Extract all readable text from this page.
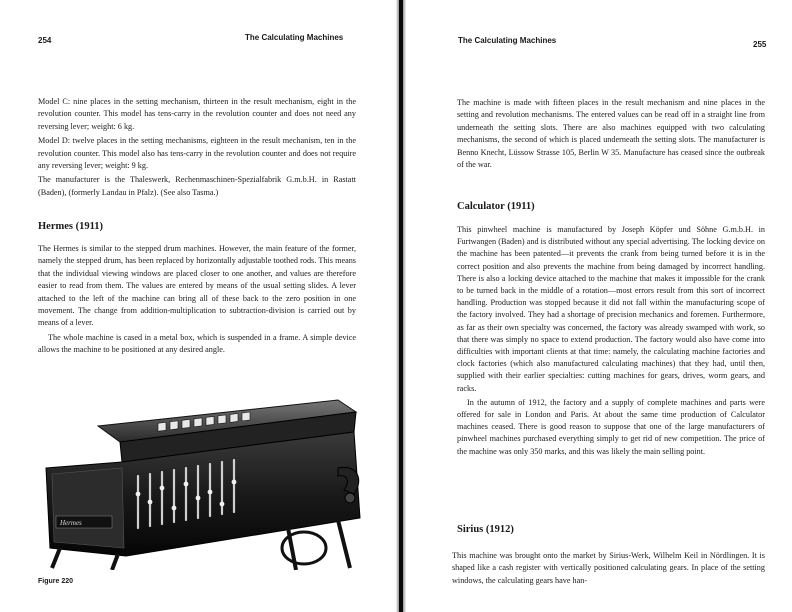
254	The Calculating Machines

Model C: nine places in the setting mechanism, thirteen in the result mechanism, eight in the revolution counter. This model has tens-carry in the revolution counter and does not need any reversing lever; weight: 6 kg.

Model D: twelve places in the setting mechanisms, eighteen in the result mechanism, ten in the revolution counter. This model also has tens-carry in the revolution counter and does not require any reversing lever; weight: 9 kg.

The manufacturer is the Thaleswerk, Rechenmaschinen-Spezialfabrik G.m.b.H. in Rastatt (Baden), (formerly Landau in Pfalz). (See also Tasma.)

Hermes (1911)

The Hermes is similar to the stepped drum machines. However, the main feature of the former, namely the stepped drum, has been replaced by horizontally adjustable toothed rods. This means that the individual viewing windows are placed closer to one another, and values are therefore easier to read from them. The values are entered by means of the usual setting slides. A lever attached to the left of the machine can bring all of these back to the zero position in one movement. The change from addition-multiplication to subtraction-division is carried out by means of a lever.

The whole machine is cased in a metal box, which is suspended in a frame. A simple device allows the machine to be positioned at any desired angle.

Hermes
Figure 220
The Calculating Machines	255

The machine is made with fifteen places in the result mechanism and nine places in the setting and revolution mechanisms. The entered values can be read off in a straight line from underneath the setting slots. There are also machines equipped with two calculating mechanisms, the second of which is placed underneath the setting slots. The manufacturer is Benno Knecht, Lüssow Strasse 105, Berlin W 35. Manufacture has ceased since the outbreak of the war.

Calculator (1911)

This pinwheel machine is manufactured by Joseph Köpfer und Söhne G.m.b.H. in Furtwangen (Baden) and is distributed without any special advertising. The locking device on the machine has been patented—it prevents the crank from being turned before it is in the correct position and also prevents the machine from being damaged by incorrect handling. There is also a locking device attached to the machine that makes it impossible for the crank to be turned back in the middle of a rotation—most errors result from this sort of incorrect handling. Production was stopped because it did not fall within the manufacturing scope of the factory involved. They had a shortage of precision mechanics and foremen. Furthermore, as far as their own specialty was concerned, the factory was already swamped with work, so that there was simply no space to extend production. The factory would also have come into difficulties with important clients at that time: namely, the calculating machine factories and clock factories (which also manufactured calculating machines) that they had, until then, supplied with their earlier specialties: cutting machines for gears, drives, worm gears, and racks.

In the autumn of 1912, the factory and a supply of complete machines and parts were offered for sale in London and Paris. At about the same time production of Calculator machines ceased. There is good reason to suppose that one of the large manufacturers of pinwheel machines purchased everything simply to get rid of new competition. The price of the machine was only 350 marks, and this was likely the main selling point.

Sirius (1912)

This machine was brought onto the market by Sirius-Werk, Wilhelm Keil in Nördlingen. It is shaped like a cash register with vertically positioned calculating gears. In place of the setting windows, the calculating gears have han-
